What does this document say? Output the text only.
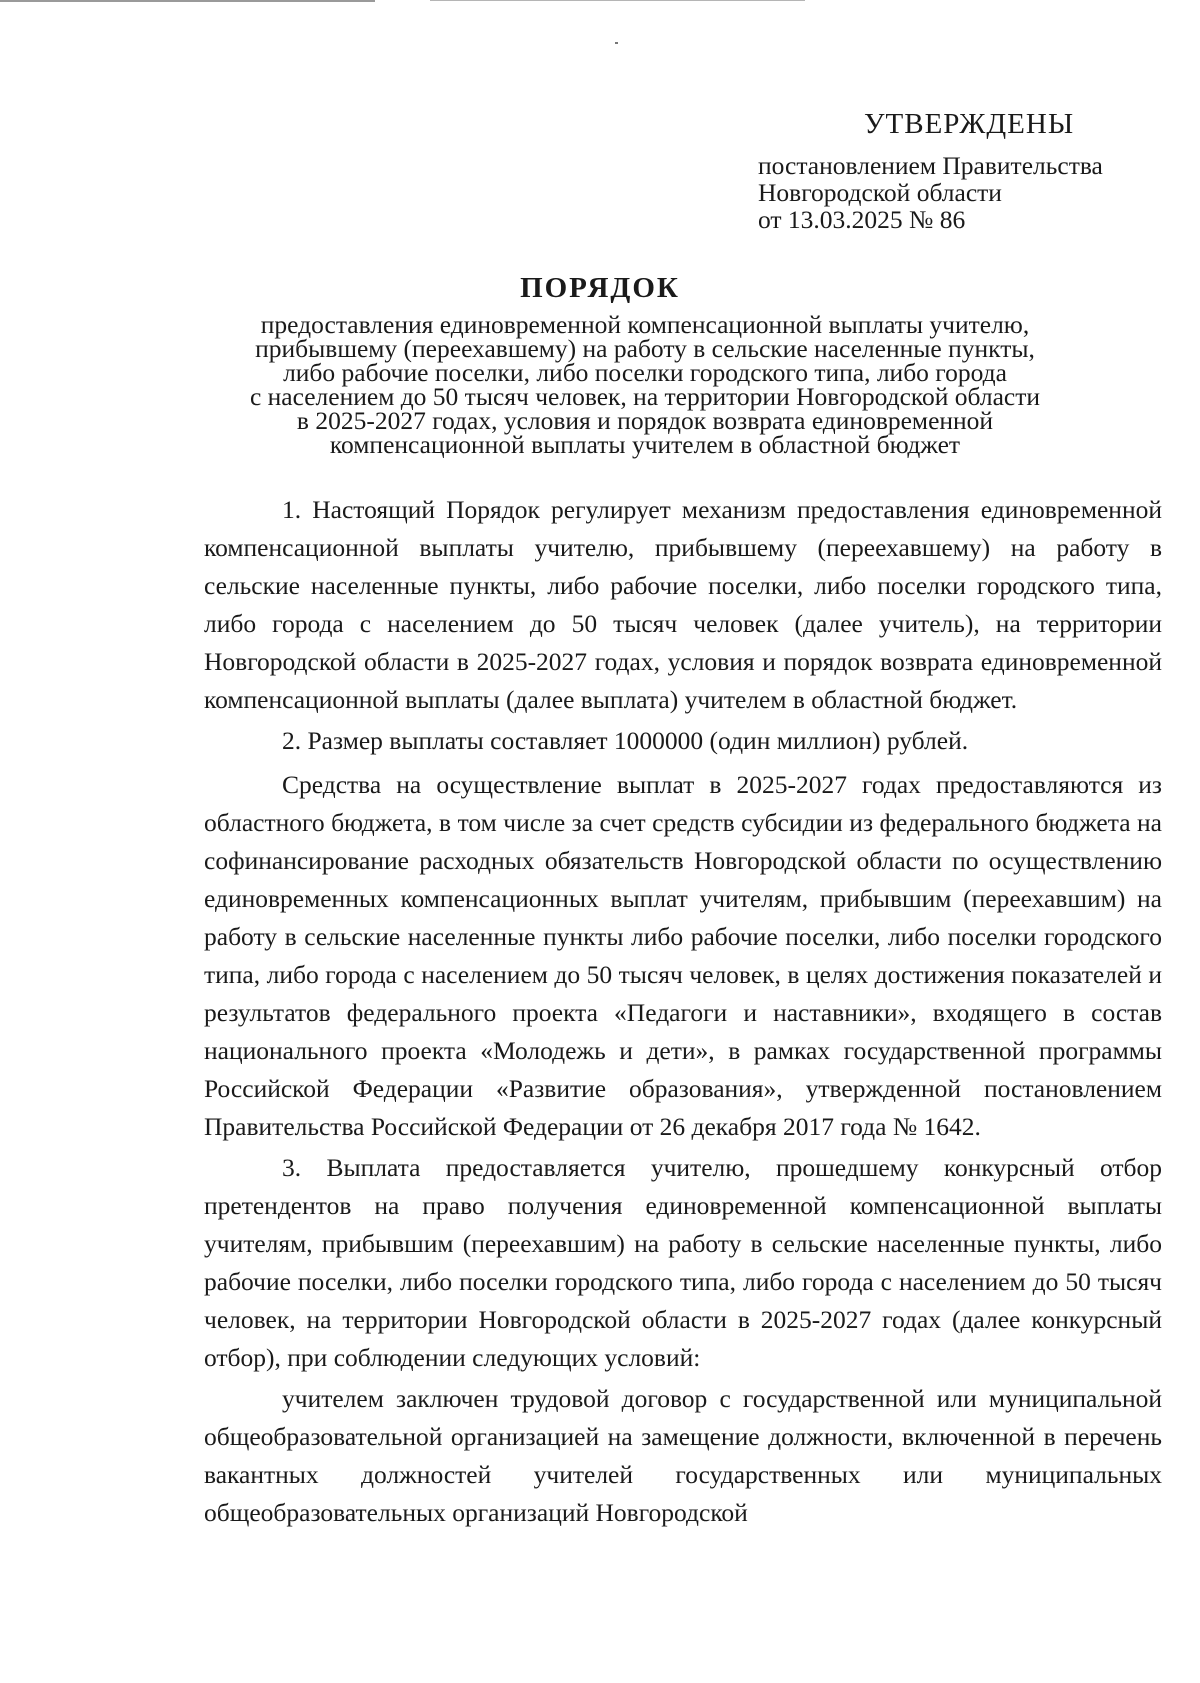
УТВЕРЖДЕНЫ
постановлением Правительства
Новгородской области
от 13.03.2025 № 86
ПОРЯДОК
предоставления единовременной компенсационной выплаты учителю,
прибывшему (переехавшему) на работу в сельские населенные пункты,
либо рабочие поселки, либо поселки городского типа, либо города
с населением до 50 тысяч человек, на территории Новгородской области
в 2025-2027 годах, условия и порядок возврата единовременной
компенсационной выплаты учителем в областной бюджет

1. Настоящий Порядок регулирует механизм предоставления единовременной компенсационной выплаты учителю, прибывшему (переехавшему) на работу в сельские населенные пункты, либо рабочие поселки, либо поселки городского типа, либо города с населением до 50 тысяч человек (далее учитель), на территории Новгородской области в 2025-2027 годах, условия и порядок возврата единовременной компенсационной выплаты (далее выплата) учителем в областной бюджет.

2. Размер выплаты составляет 1000000 (один миллион) рублей.

Средства на осуществление выплат в 2025-2027 годах предоставляются из областного бюджета, в том числе за счет средств субсидии из федерального бюджета на софинансирование расходных обязательств Новгородской области по осуществлению единовременных компенсационных выплат учителям, прибывшим (переехавшим) на работу в сельские населенные пункты либо рабочие поселки, либо поселки городского типа, либо города с населением до 50 тысяч человек, в целях достижения показателей и результатов федерального проекта «Педагоги и наставники», входящего в состав национального проекта «Молодежь и дети», в рамках государственной программы Российской Федерации «Развитие образования», утвержденной постановлением Правительства Российской Федерации от 26 декабря 2017 года № 1642.

3. Выплата предоставляется учителю, прошедшему конкурсный отбор претендентов на право получения единовременной компенсационной выплаты учителям, прибывшим (переехавшим) на работу в сельские населенные пункты, либо рабочие поселки, либо поселки городского типа, либо города с населением до 50 тысяч человек, на территории Новгородской области в 2025-2027 годах (далее конкурсный отбор), при соблюдении следующих условий:

учителем заключен трудовой договор с государственной или муниципальной общеобразовательной организацией на замещение должности, включенной в перечень вакантных должностей учителей государственных или муниципальных общеобразовательных организаций Новгородской
